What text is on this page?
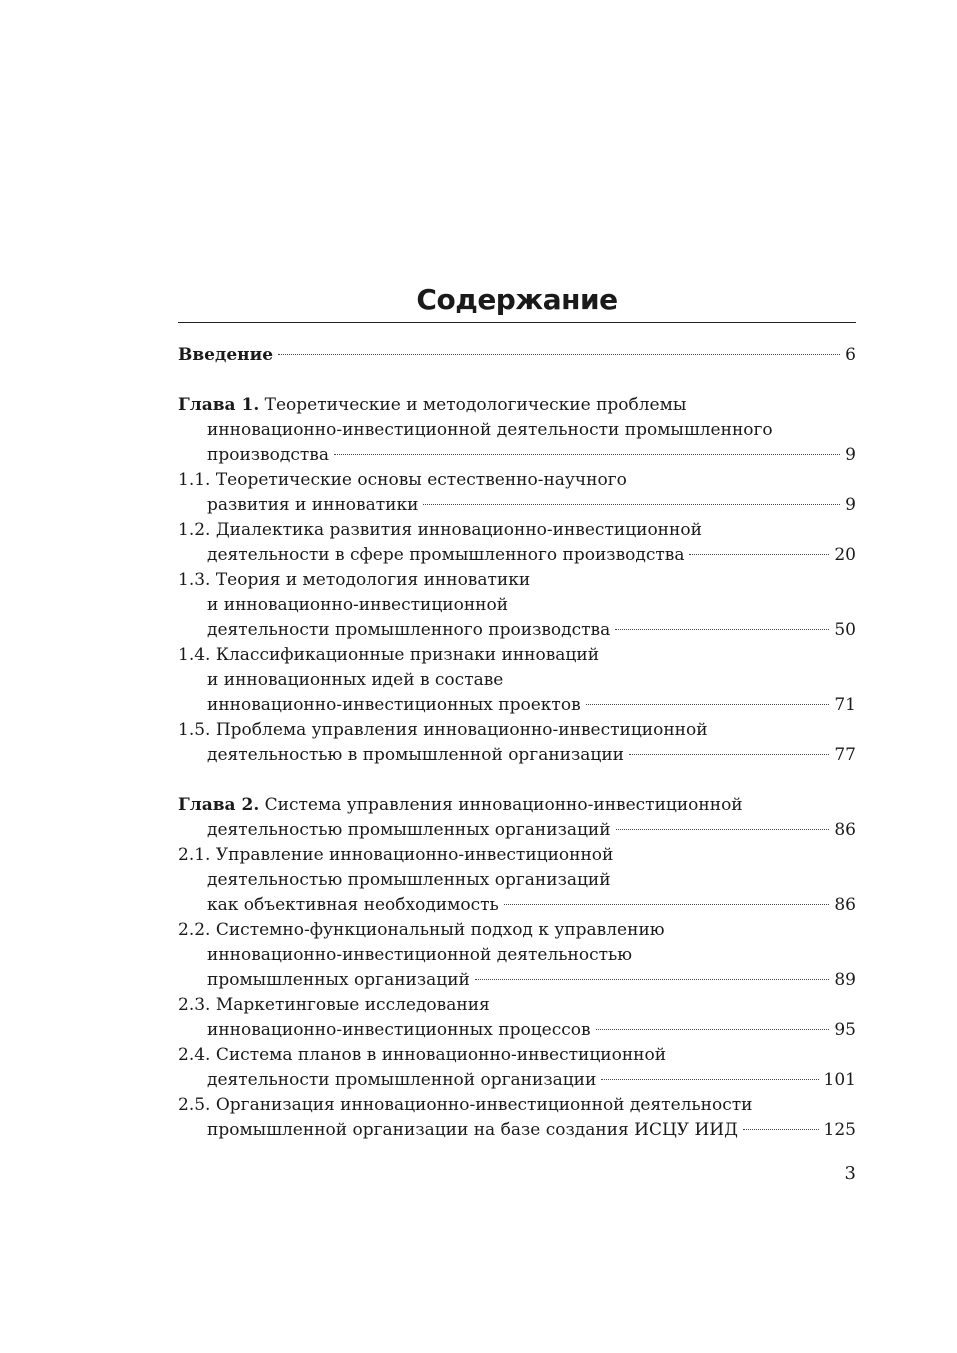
Содержание
Введение	6
Глава 1.
Теоретические и методологические проблемы
инновационно-инвестиционной деятельности промышленного
производства	9
1.1. Теоретические основы естественно-научного
развития и инноватики	9
1.2. Диалектика развития инновационно-инвестиционной
деятельности в сфере промышленного производства	20
1.3. Теория и методология инноватики
и инновационно-инвестиционной
деятельности промышленного производства	50
1.4. Классификационные признаки инноваций
и инновационных идей в составе
инновационно-инвестиционных проектов	71
1.5. Проблема управления инновационно-инвестиционной
деятельностью в промышленной организации	77
Глава 2.
Система управления инновационно-инвестиционной
деятельностью промышленных организаций	86
2.1. Управление инновационно-инвестиционной
деятельностью промышленных организаций
как объективная необходимость	86
2.2. Системно-функциональный подход к управлению
инновационно-инвестиционной деятельностью
промышленных организаций	89
2.3. Маркетинговые исследования
инновационно-инвестиционных процессов	95
2.4. Система планов в инновационно-инвестиционной
деятельности промышленной организации	101
2.5. Организация инновационно-инвестиционной деятельности
промышленной организации на базе создания ИСЦУ ИИД	125
3
